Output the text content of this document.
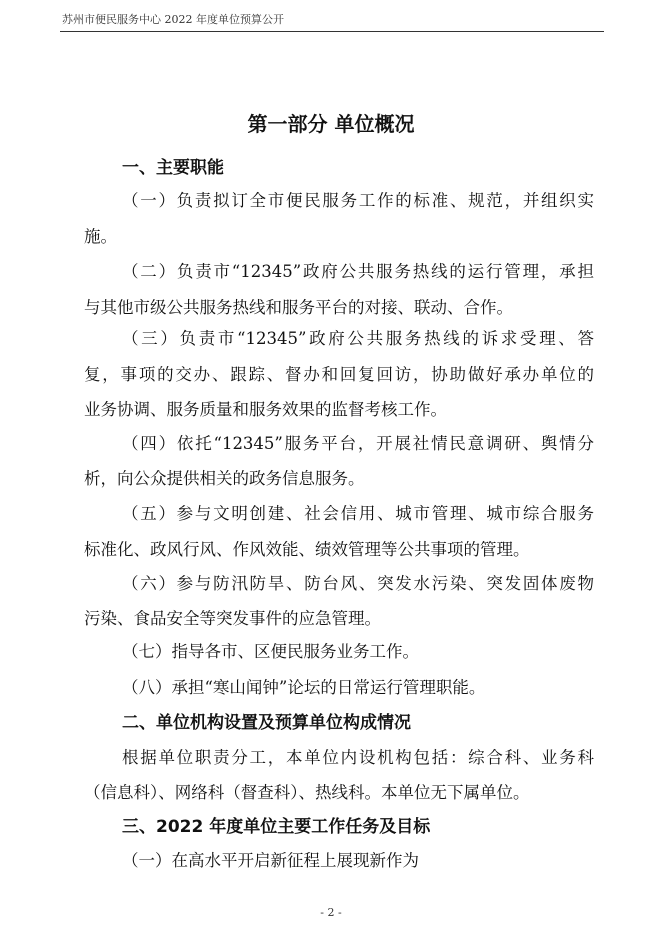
苏州市便民服务中心 2022 年度单位预算公开
第一部分 单位概况
一、主要职能
（一）负责拟订全市便民服务工作的标准、规范，并组织实
施。
（二）负责市“12345”政府公共服务热线的运行管理，承担
与其他市级公共服务热线和服务平台的对接、联动、合作。
（三）负责市“12345”政府公共服务热线的诉求受理、答
复，事项的交办、跟踪、督办和回复回访，协助做好承办单位的
业务协调、服务质量和服务效果的监督考核工作。
（四）依托“12345”服务平台，开展社情民意调研、舆情分
析，向公众提供相关的政务信息服务。
（五）参与文明创建、社会信用、城市管理、城市综合服务
标准化、政风行风、作风效能、绩效管理等公共事项的管理。
（六）参与防汛防旱、防台风、突发水污染、突发固体废物
污染、食品安全等突发事件的应急管理。
（七）指导各市、区便民服务业务工作。
（八）承担“寒山闻钟”论坛的日常运行管理职能。
二、单位机构设置及预算单位构成情况
根据单位职责分工，本单位内设机构包括：综合科、业务科
（信息科）、网络科（督查科）、热线科。本单位无下属单位。
三、2022 年度单位主要工作任务及目标
（一）在高水平开启新征程上展现新作为
- 2 -
